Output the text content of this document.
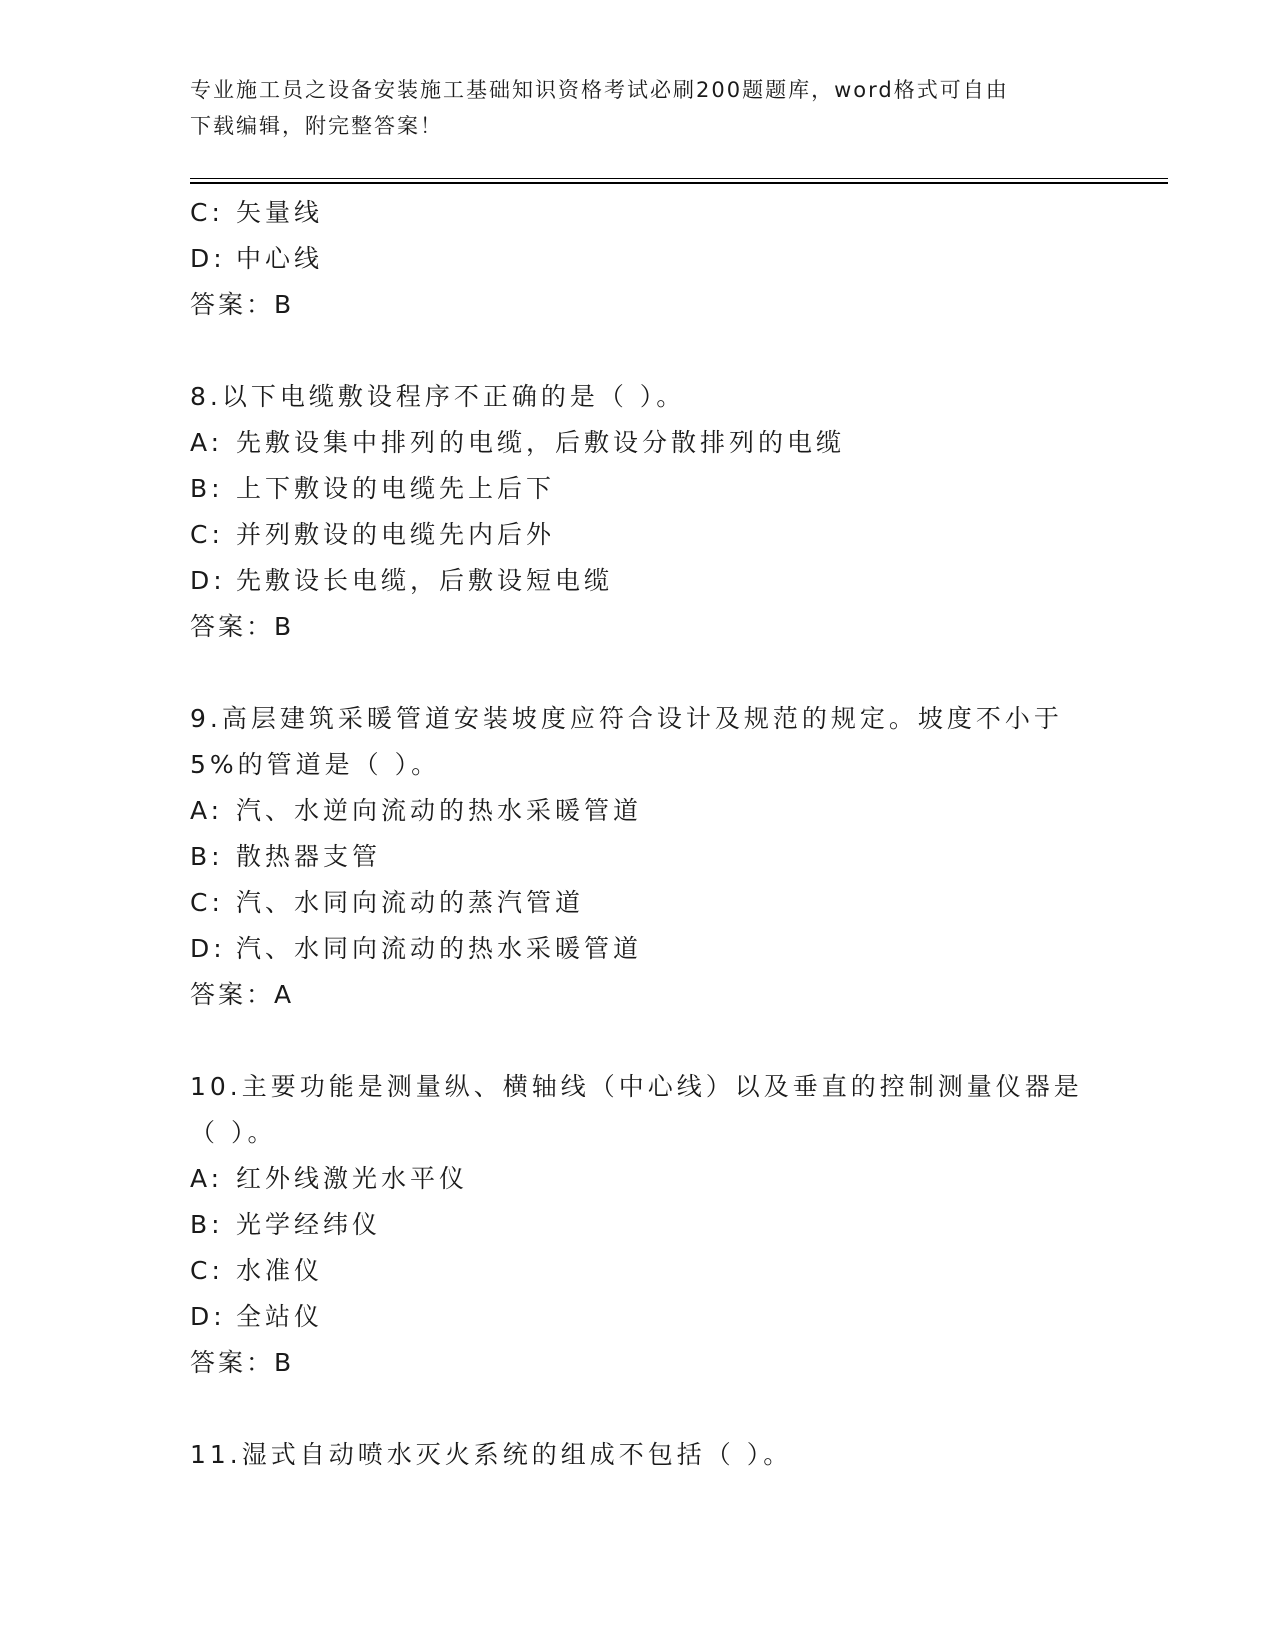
专业施工员之设备安装施工基础知识资格考试必刷200题题库，word格式可自由
下载编辑，附完整答案！
C: 矢量线
D: 中心线
答案：B
8.以下电缆敷设程序不正确的是（ ）。
A: 先敷设集中排列的电缆，后敷设分散排列的电缆
B: 上下敷设的电缆先上后下
C: 并列敷设的电缆先内后外
D: 先敷设长电缆，后敷设短电缆
答案：B
9.高层建筑采暖管道安装坡度应符合设计及规范的规定。坡度不小于
5%的管道是（ ）。
A: 汽、水逆向流动的热水采暖管道
B: 散热器支管
C: 汽、水同向流动的蒸汽管道
D: 汽、水同向流动的热水采暖管道
答案：A
10.主要功能是测量纵、横轴线（中心线）以及垂直的控制测量仪器是
（ ）。
A: 红外线激光水平仪
B: 光学经纬仪
C: 水准仪
D: 全站仪
答案：B
11.湿式自动喷水灭火系统的组成不包括（ ）。
